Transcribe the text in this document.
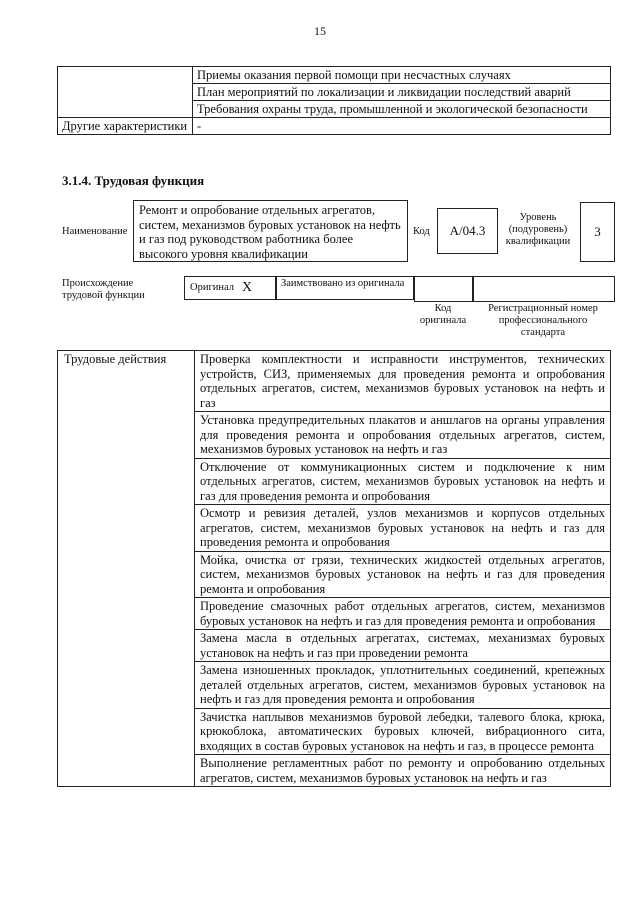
15
	Приемы оказания первой помощи при несчастных случаях
	План мероприятий по локализации и ликвидации последствий аварий
	Требования охраны труда, промышленной и экологической безопасности
Другие характеристики	-
3.1.4. Трудовая функция
Наименование
Ремонт и опробование отдельных агрегатов, систем, механизмов буровых установок на нефть и газ под руководством работника более высокого уровня квалификации
Код	А/04.3
Уровень (подуровень) квалификации
3
Происхождение трудовой функции
Оригинал X	Заимствовано из оригинала
Код оригинала
Регистрационный номер профессионального стандарта
Трудовые действия	Проверка комплектности и исправности инструментов, технических устройств, СИЗ, применяемых для проведения ремонта и опробования отдельных агрегатов, систем, механизмов буровых установок на нефть и газ
Установка предупредительных плакатов и аншлагов на органы управления для проведения ремонта и опробования отдельных агрегатов, систем, механизмов буровых установок на нефть и газ
Отключение от коммуникационных систем и подключение к ним отдельных агрегатов, систем, механизмов буровых установок на нефть и газ для проведения ремонта и опробования
Осмотр и ревизия деталей, узлов механизмов и корпусов отдельных агрегатов, систем, механизмов буровых установок на нефть и газ для проведения ремонта и опробования
Мойка, очистка от грязи, технических жидкостей отдельных агрегатов, систем, механизмов буровых установок на нефть и газ для проведения ремонта и опробования
Проведение смазочных работ отдельных агрегатов, систем, механизмов буровых установок на нефть и газ для проведения ремонта и опробования
Замена масла в отдельных агрегатах, системах, механизмах буровых установок на нефть и газ при проведении ремонта
Замена изношенных прокладок, уплотнительных соединений, крепежных деталей отдельных агрегатов, систем, механизмов буровых установок на нефть и газ для проведения ремонта и опробования
Зачистка наплывов механизмов буровой лебедки, талевого блока, крюка, крюкоблока, автоматических буровых ключей, вибрационного сита, входящих в состав буровых установок на нефть и газ, в процессе ремонта
Выполнение регламентных работ по ремонту и опробованию отдельных агрегатов, систем, механизмов буровых установок на нефть и газ
